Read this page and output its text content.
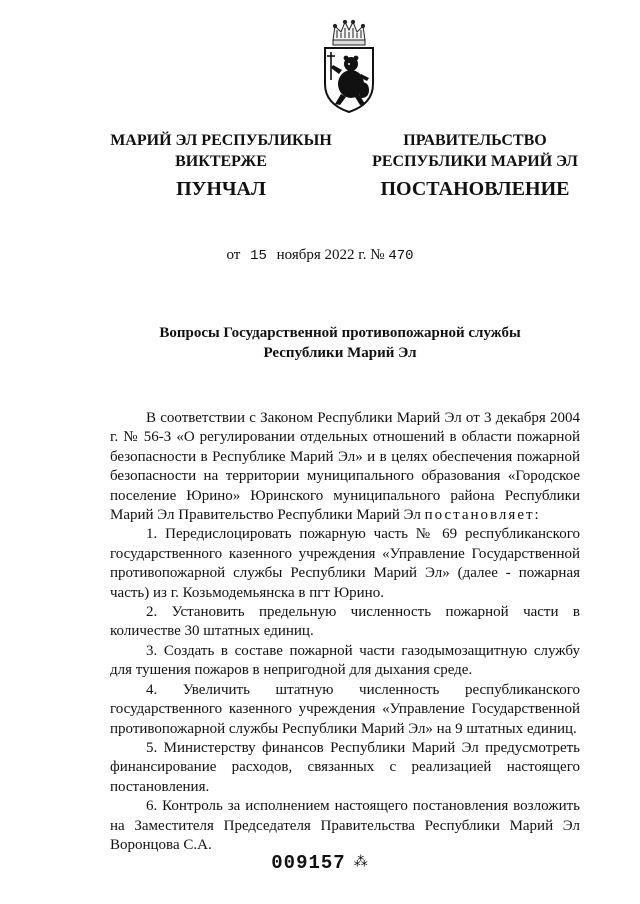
МАРИЙ ЭЛ РЕСПУБЛИКЫН
ВИКТЕРЖЕ
ПУНЧАЛ
ПРАВИТЕЛЬСТВО
РЕСПУБЛИКИ МАРИЙ ЭЛ
ПОСТАНОВЛЕНИЕ
от 15 ноября 2022 г. № 470
Вопросы Государственной противопожарной службы
Республики Марий Эл

В соответствии с Законом Республики Марий Эл от 3 декабря 2004 г. № 56-З «О регулировании отдельных отношений в области пожарной безопасности в Республике Марий Эл» и в целях обеспечения пожарной безопасности на территории муниципального образования «Городское поселение Юрино» Юринского муниципального района Республики Марий Эл Правительство Республики Марий Эл постановляет:

1. Передислоцировать пожарную часть № 69 республиканского государственного казенного учреждения «Управление Государственной противопожарной службы Республики Марий Эл» (далее - пожарная часть) из г. Козьмодемьянска в пгт Юрино.

2. Установить предельную численность пожарной части в количестве 30 штатных единиц.

3. Создать в составе пожарной части газодымозащитную службу для тушения пожаров в непригодной для дыхания среде.

4. Увеличить штатную численность республиканского государственного казенного учреждения «Управление Государственной противопожарной службы Республики Марий Эл» на 9 штатных единиц.

5. Министерству финансов Республики Марий Эл предусмотреть финансирование расходов, связанных с реализацией настоящего постановления.

6. Контроль за исполнением настоящего постановления возложить на Заместителя Председателя Правительства Республики Марий Эл Воронцова С.А.

009157 ⁂
